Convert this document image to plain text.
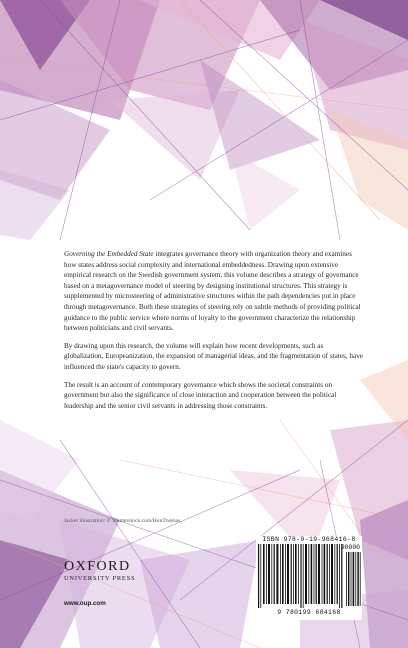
Governing the Embedded State integrates governance theory with organization theory and examines how states address social complexity and international embeddedness. Drawing upon extensive empirical research on the Swedish government system, this volume describes a strategy of governance based on a metagovernance model of steering by designing institutional structures. This strategy is supplemented by microsteering of administrative structures within the path dependencies put in place through metagovernance. Both these strategies of steering rely on subtle methods of providing political guidance to the public service where norms of loyalty to the government characterize the relationship between politicians and civil servants.

By drawing upon this research, the volume will explain how recent developments, such as globalization, Europeanization, the expansion of managerial ideas, and the fragmentation of states, have influenced the state's capacity to govern.

The result is an account of contemporary governance which shows the societal constraints on government but also the significance of close interaction and cooperation between the political leadership and the senior civil servants in addressing those constraints.

Jacket illustration: © Shutterstock.com/HunThomas.
OXFORD
UNIVERSITY PRESS
www.oup.com
ISBN 978-0-19-968416-8
90000
9 780199 684168
